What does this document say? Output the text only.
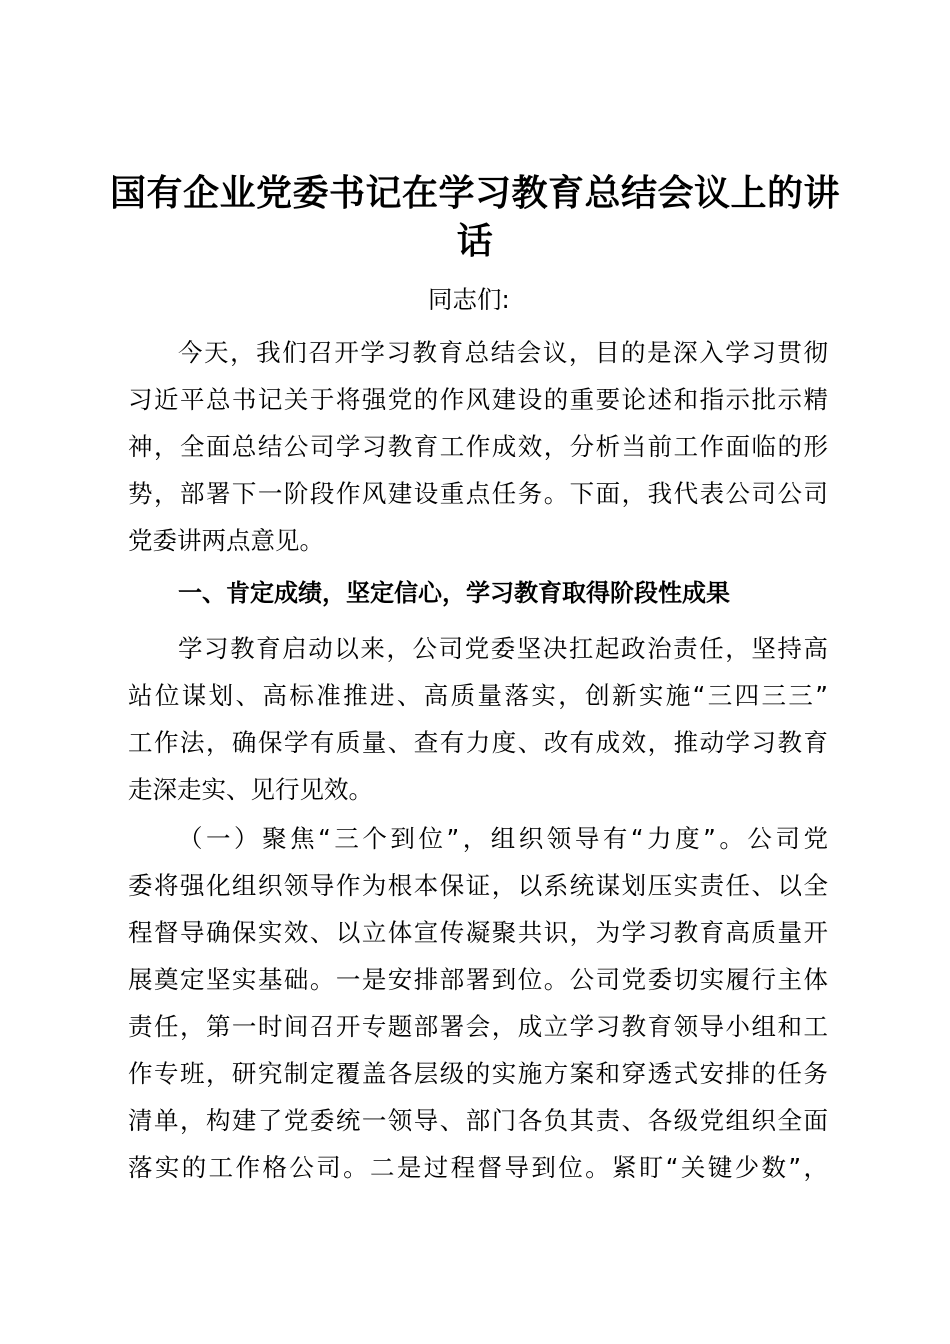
国有企业党委书记在学习教育总结会议上的讲
话
同志们:
今天，我们召开学习教育总结会议，目的是深入学习贯彻
习近平总书记关于将强党的作风建设的重要论述和指示批示精
神，全面总结公司学习教育工作成效，分析当前工作面临的形
势，部署下一阶段作风建设重点任务。下面，我代表公司公司
党委讲两点意见。
一、肯定成绩，坚定信心，学习教育取得阶段性成果
学习教育启动以来，公司党委坚决扛起政治责任，坚持高
站位谋划、高标准推进、高质量落实，创新实施“三四三三”
工作法，确保学有质量、查有力度、改有成效，推动学习教育
走深走实、见行见效。
（一）聚焦“三个到位”，组织领导有“力度”。公司党
委将强化组织领导作为根本保证，以系统谋划压实责任、以全
程督导确保实效、以立体宣传凝聚共识，为学习教育高质量开
展奠定坚实基础。一是安排部署到位。公司党委切实履行主体
责任，第一时间召开专题部署会，成立学习教育领导小组和工
作专班，研究制定覆盖各层级的实施方案和穿透式安排的任务
清单，构建了党委统一领导、部门各负其责、各级党组织全面
落实的工作格公司。二是过程督导到位。紧盯“关键少数”，
